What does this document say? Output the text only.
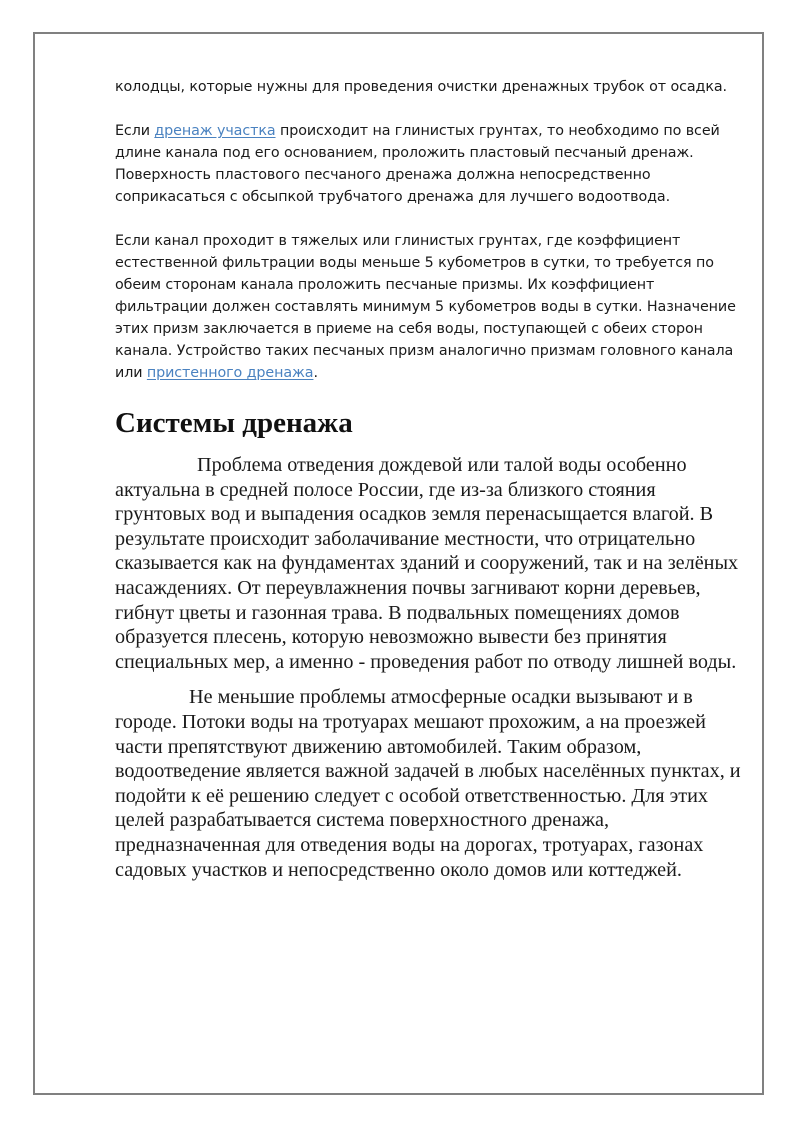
колодцы, которые нужны для проведения очистки дренажных трубок от осадка.

Если дренаж участка происходит на глинистых грунтах, то необходимо по всей длине канала под его основанием, проложить пластовый песчаный дренаж. Поверхность пластового песчаного дренажа должна непосредственно соприкасаться с обсыпкой трубчатого дренажа для лучшего водоотвода.

Если канал проходит в тяжелых или глинистых грунтах, где коэффициент естественной фильтрации воды меньше 5 кубометров в сутки, то требуется по обеим сторонам канала проложить песчаные призмы. Их коэффициент фильтрации должен составлять минимум 5 кубометров воды в сутки. Назначение этих призм заключается в приеме на себя воды, поступающей с обеих сторон канала. Устройство таких песчаных призм аналогично призмам головного канала или пристенного дренажа.

Системы дренажа

Проблема отведения дождевой или талой воды особенно актуальна в средней полосе России, где из-за близкого стояния грунтовых вод и выпадения осадков земля перенасыщается влагой. В результате происходит заболачивание местности, что отрицательно сказывается как на фундаментах зданий и сооружений, так и на зелёных насаждениях. От переувлажнения почвы загнивают корни деревьев, гибнут цветы и газонная трава. В подвальных помещениях домов образуется плесень, которую невозможно вывести без принятия специальных мер, а именно - проведения работ по отводу лишней воды.

Не меньшие проблемы атмосферные осадки вызывают и в городе. Потоки воды на тротуарах мешают прохожим, а на проезжей части препятствуют движению автомобилей. Таким образом, водоотведение является важной задачей в любых населённых пунктах, и подойти к её решению следует с особой ответственностью. Для этих целей разрабатывается система поверхностного дренажа, предназначенная для отведения воды на дорогах, тротуарах, газонах садовых участков и непосредственно около домов или коттеджей.
